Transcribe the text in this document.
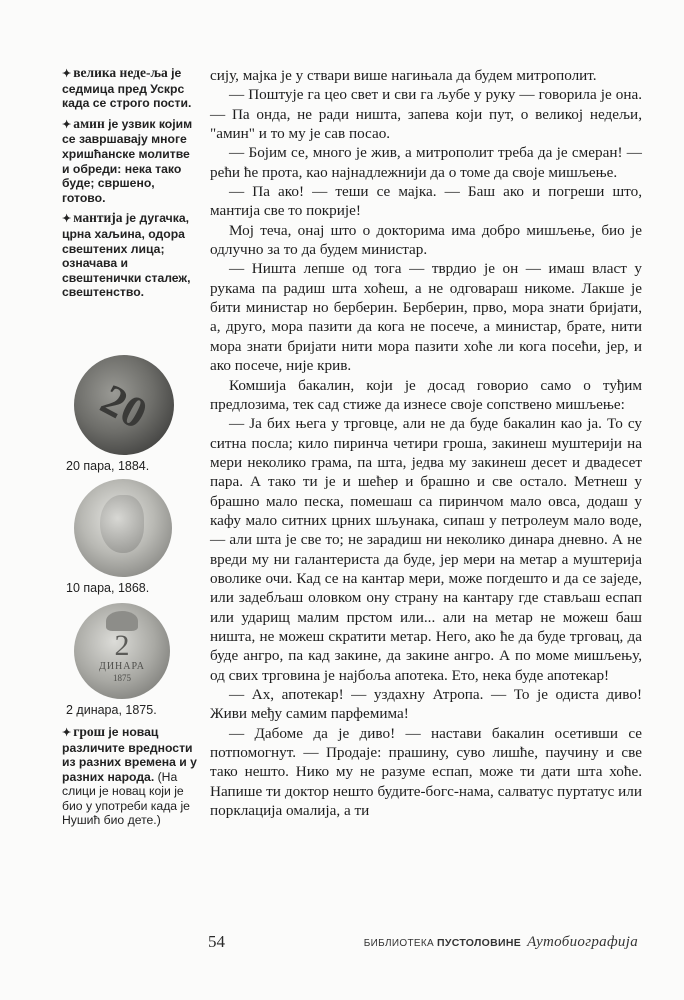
✦ велика неде-ља је седмица пред Ускрс када се строго пости.

✦ амин је узвик којим се завршавају многе хришћанске молитве и обреди: нека тако буде; свршено, готово.

✦ мантија је дугачка, црна хаљина, одора свештених лица; означава и свештенички сталеж, свештенство.

20
20 пара, 1884.
10 пара, 1868.
2
ДИНАРА
1875
2 динара, 1875.

✦ грош је новац различите вредности из разних времена и у разних народа. (На слици је новац који је био у употреби када је Нушић био дете.)

сију, мајка је у ствари више нагињала да будем митрополит.

— Поштује га цео свет и сви га љубе у руку — говорила је она. — Па онда, не ради ништа, запева који пут, о великој недељи, "амин" и то му је сав посао.

— Бојим се, много је жив, а митрополит треба да је смеран! — рећи ће прота, као најнадлежнији да о томе да своје мишљење.

— Па ако! — теши се мајка. — Баш ако и погреши што, мантија све то покрије!

Мој теча, онај што о докторима има добро мишљење, био је одлучно за то да будем министар.

— Ништа лепше од тога — тврдио је он — имаш власт у рукама па радиш шта хоћеш, а не одговараш никоме. Лакше је бити министар но берберин. Берберин, прво, мора знати бријати, а, друго, мора пазити да кога не посече, а министар, брате, нити мора знати бријати нити мора пазити хоће ли кога посећи, јер, и ако посече, није крив.

Комшија бакалин, који је досад говорио само о туђим предлозима, тек сад стиже да изнесе своје сопствено мишљење:

— Ја бих њега у трговце, али не да буде бакалин као ја. То су ситна посла; кило пиринча четири гроша, закинеш муштерији на мери неколико грама, па шта, једва му закинеш десет и двадесет пара. А тако ти је и шећер и брашно и све остало. Метнеш у брашно мало песка, помешаш са пиринчом мало овса, додаш у кафу мало ситних црних шљунака, сипаш у петролеум мало воде, — али шта је све то; не зарадиш ни неколико динара дневно. А не вреди му ни галантериста да буде, јер мери на метар а муштерија оволике очи. Кад се на кантар мери, може погдешто и да се заједе, или задебљаш оловком ону страну на кантару где стављаш еспап или ударищ малим прстом или... али на метар не можеш баш ништа, не можеш скратити метар. Него, ако ће да буде трговац, да буде ангро, па кад закине, да закине ангро. А по моме мишљењу, од свих трговина је најбоља апотека. Ето, нека буде апотекар!

— Ах, апотекар! — уздахну Атропа. — То је одиста диво! Живи међу самим парфемима!

— Дабоме да је диво! — настави бакалин осетивши се потпомогнут. — Продаје: прашину, суво лишће, паучину и све тако нешто. Нико му не разуме еспап, може ти дати шта хоће. Напише ти доктор нешто будите-богс-нама, салватус пуртатус или порклација омалија, а ти

54	БИБЛИОТЕКА ПУСТОЛОВИНЕ Аутобиографија
